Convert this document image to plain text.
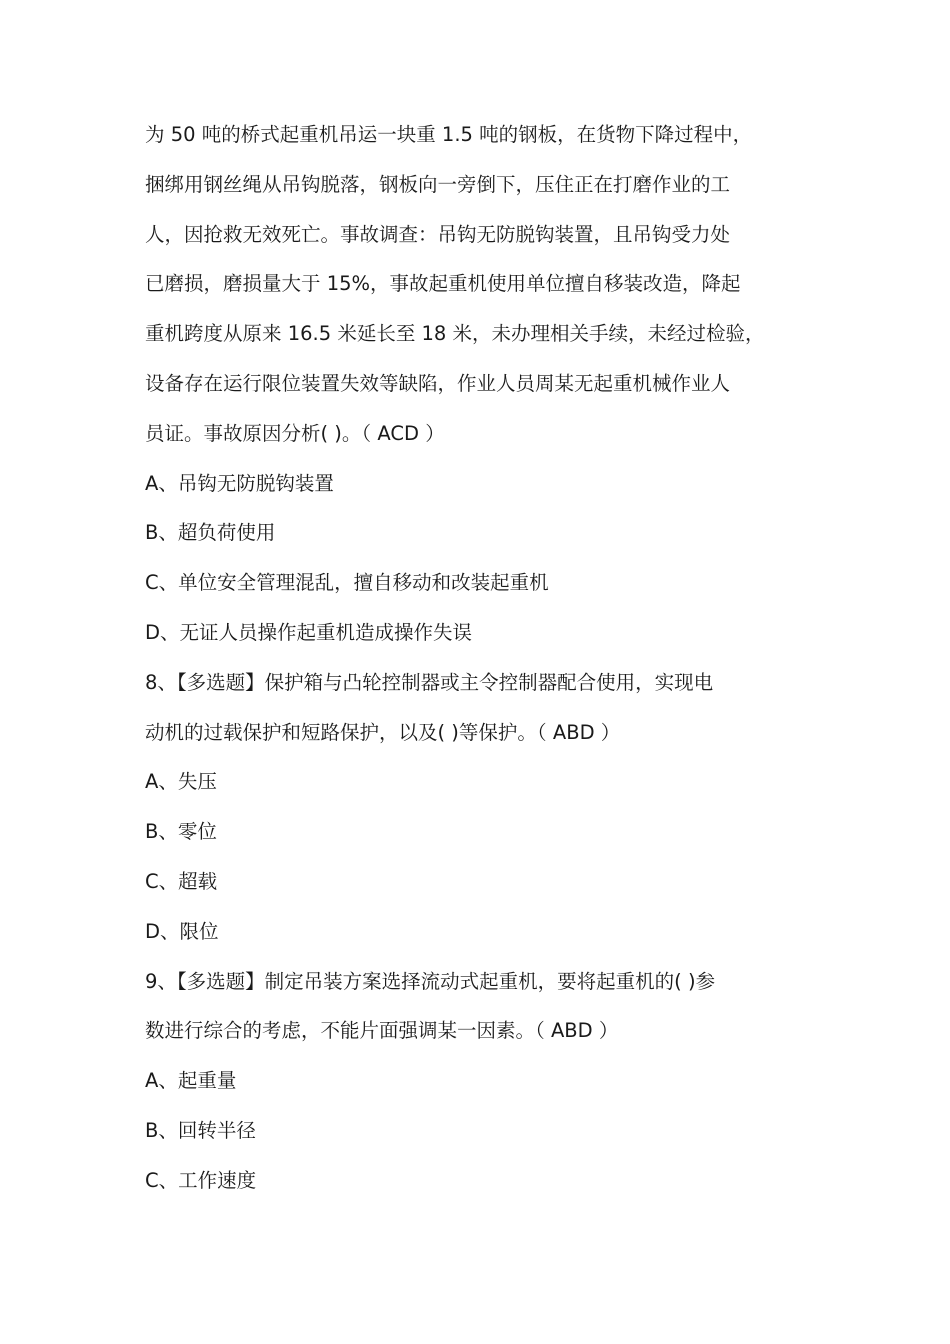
为 50 吨的桥式起重机吊运一块重 1.5 吨的钢板，在货物下降过程中，
捆绑用钢丝绳从吊钩脱落，钢板向一旁倒下，压住正在打磨作业的工
人，因抢救无效死亡。事故调查：吊钩无防脱钩装置，且吊钩受力处
已磨损，磨损量大于 15%，事故起重机使用单位擅自移装改造，降起
重机跨度从原来 16.5 米延长至 18 米，未办理相关手续，未经过检验，
设备存在运行限位装置失效等缺陷，作业人员周某无起重机械作业人
员证。事故原因分析( )。（ ACD ）
A、吊钩无防脱钩装置
B、超负荷使用
C、单位安全管理混乱，擅自移动和改装起重机
D、无证人员操作起重机造成操作失误
8、【多选题】保护箱与凸轮控制器或主令控制器配合使用，实现电
动机的过载保护和短路保护，以及( )等保护。（ ABD ）
A、失压
B、零位
C、超载
D、限位
9、【多选题】制定吊装方案选择流动式起重机，要将起重机的( )参
数进行综合的考虑，不能片面强调某一因素。（ ABD ）
A、起重量
B、回转半径
C、工作速度
